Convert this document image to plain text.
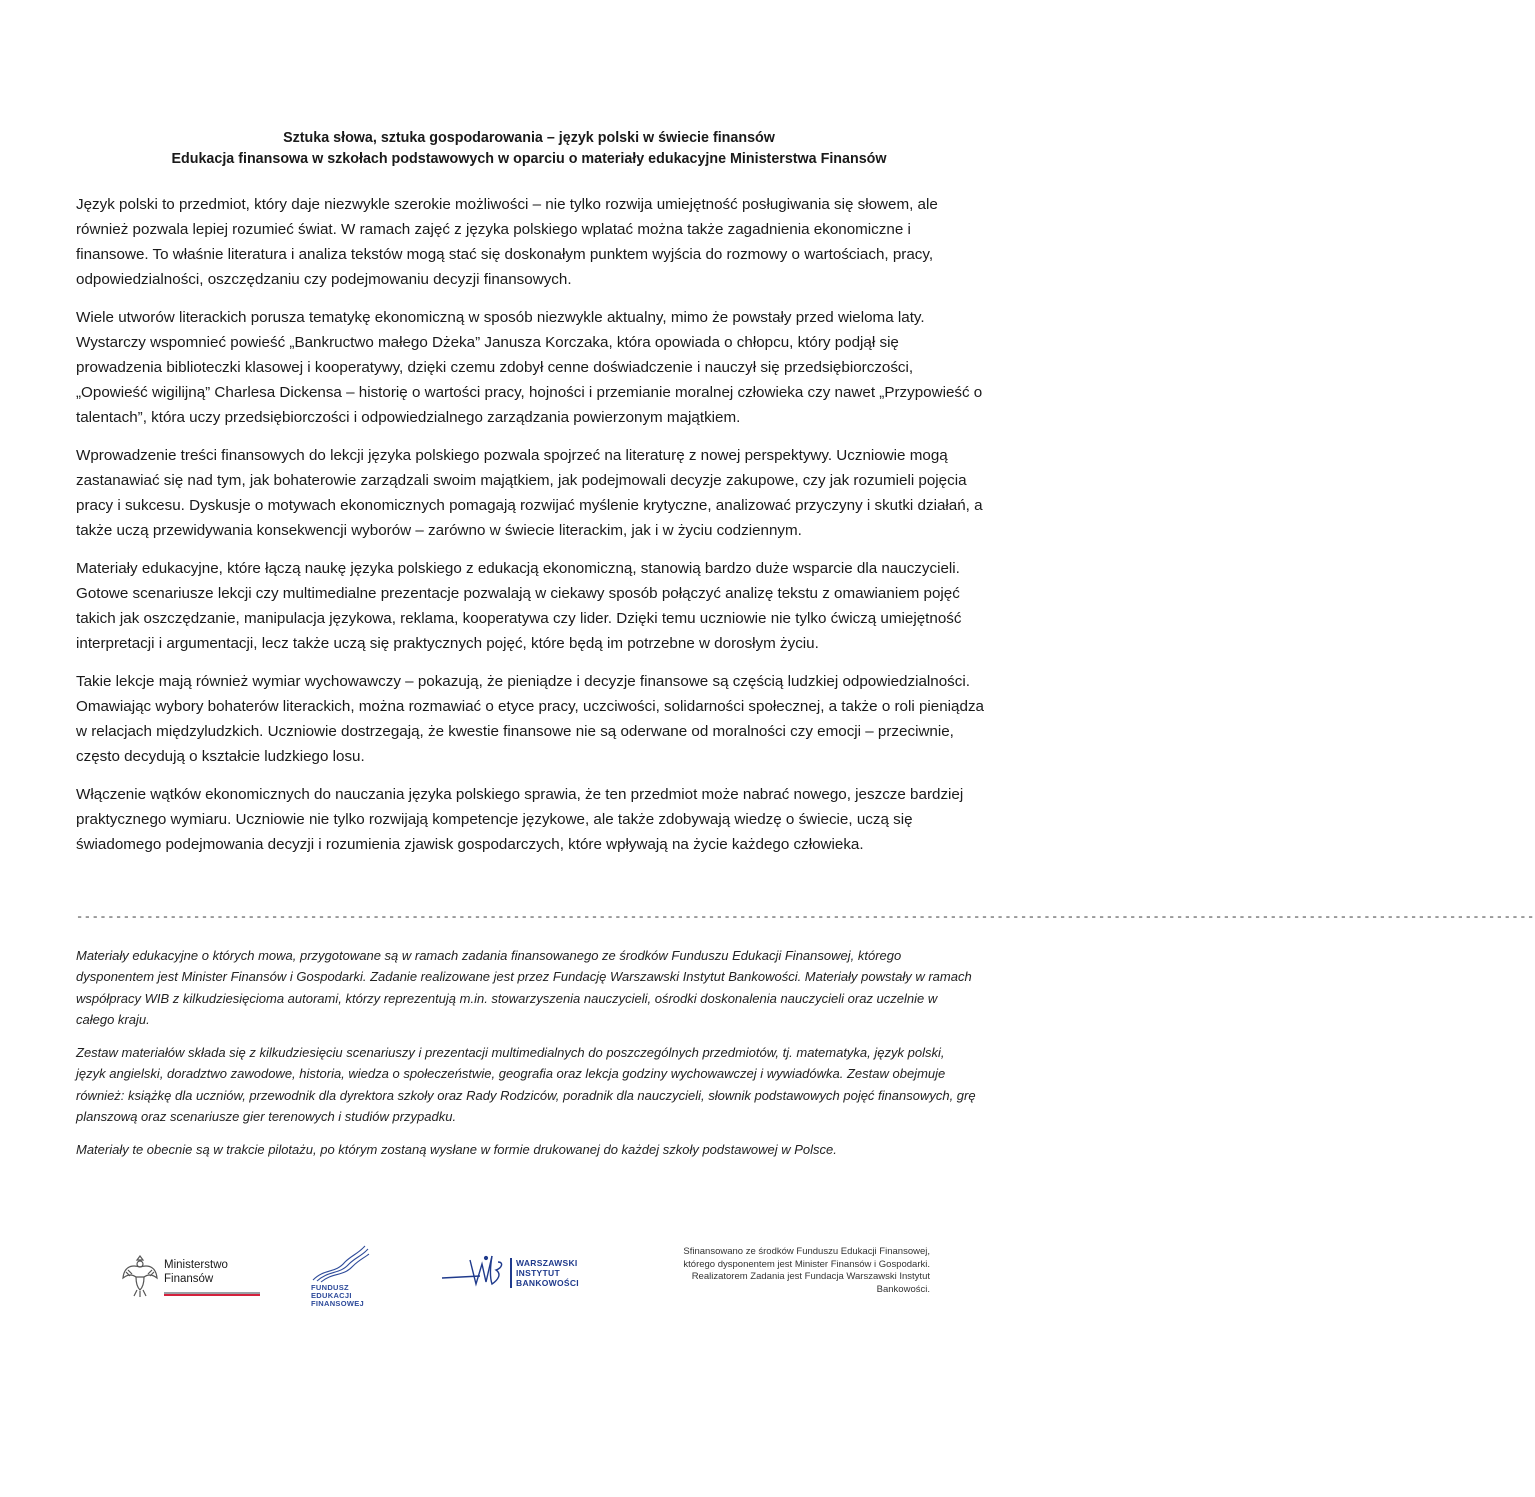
Sztuka słowa, sztuka gospodarowania – język polski w świecie finansów
Edukacja finansowa w szkołach podstawowych w oparciu o materiały edukacyjne Ministerstwa Finansów

Język polski to przedmiot, który daje niezwykle szerokie możliwości – nie tylko rozwija umiejętność posługiwania się słowem, ale również pozwala lepiej rozumieć świat. W ramach zajęć z języka polskiego wplatać można także zagadnienia ekonomiczne i finansowe. To właśnie literatura i analiza tekstów mogą stać się doskonałym punktem wyjścia do rozmowy o wartościach, pracy, odpowiedzialności, oszczędzaniu czy podejmowaniu decyzji finansowych.

Wiele utworów literackich porusza tematykę ekonomiczną w sposób niezwykle aktualny, mimo że powstały przed wieloma laty. Wystarczy wspomnieć powieść „Bankructwo małego Dżeka” Janusza Korczaka, która opowiada o chłopcu, który podjął się prowadzenia biblioteczki klasowej i kooperatywy, dzięki czemu zdobył cenne doświadczenie i nauczył się przedsiębiorczości, „Opowieść wigilijną” Charlesa Dickensa – historię o wartości pracy, hojności i przemianie moralnej człowieka czy nawet „Przypowieść o talentach”, która uczy przedsiębiorczości i odpowiedzialnego zarządzania powierzonym majątkiem.

Wprowadzenie treści finansowych do lekcji języka polskiego pozwala spojrzeć na literaturę z nowej perspektywy. Uczniowie mogą zastanawiać się nad tym, jak bohaterowie zarządzali swoim majątkiem, jak podejmowali decyzje zakupowe, czy jak rozumieli pojęcia pracy i sukcesu. Dyskusje o motywach ekonomicznych pomagają rozwijać myślenie krytyczne, analizować przyczyny i skutki działań, a także uczą przewidywania konsekwencji wyborów – zarówno w świecie literackim, jak i w życiu codziennym.

Materiały edukacyjne, które łączą naukę języka polskiego z edukacją ekonomiczną, stanowią bardzo duże wsparcie dla nauczycieli. Gotowe scenariusze lekcji czy multimedialne prezentacje pozwalają w ciekawy sposób połączyć analizę tekstu z omawianiem pojęć takich jak oszczędzanie, manipulacja językowa, reklama, kooperatywa czy lider. Dzięki temu uczniowie nie tylko ćwiczą umiejętność interpretacji i argumentacji, lecz także uczą się praktycznych pojęć, które będą im potrzebne w dorosłym życiu.

Takie lekcje mają również wymiar wychowawczy – pokazują, że pieniądze i decyzje finansowe są częścią ludzkiej odpowiedzialności. Omawiając wybory bohaterów literackich, można rozmawiać o etyce pracy, uczciwości, solidarności społecznej, a także o roli pieniądza w relacjach międzyludzkich. Uczniowie dostrzegają, że kwestie finansowe nie są oderwane od moralności czy emocji – przeciwnie, często decydują o kształcie ludzkiego losu.

Włączenie wątków ekonomicznych do nauczania języka polskiego sprawia, że ten przedmiot może nabrać nowego, jeszcze bardziej praktycznego wymiaru. Uczniowie nie tylko rozwijają kompetencje językowe, ale także zdobywają wiedzę o świecie, uczą się świadomego podejmowania decyzji i rozumienia zjawisk gospodarczych, które wpływają na życie każdego człowieka.

-------------------------------------------------------------------------------------------------------------------------------------------------------------------------------------------

Materiały edukacyjne o których mowa, przygotowane są w ramach zadania finansowanego ze środków Funduszu Edukacji Finansowej, którego dysponentem jest Minister Finansów i Gospodarki. Zadanie realizowane jest przez Fundację Warszawski Instytut Bankowości. Materiały powstały w ramach współpracy WIB z kilkudziesięcioma autorami, którzy reprezentują m.in. stowarzyszenia nauczycieli, ośrodki doskonalenia nauczycieli oraz uczelnie w całego kraju.

Zestaw materiałów składa się z kilkudziesięciu scenariuszy i prezentacji multimedialnych do poszczególnych przedmiotów, tj. matematyka, język polski, język angielski, doradztwo zawodowe, historia, wiedza o społeczeństwie, geografia oraz lekcja godziny wychowawczej i wywiadówka. Zestaw obejmuje również: książkę dla uczniów, przewodnik dla dyrektora szkoły oraz Rady Rodziców, poradnik dla nauczycieli, słownik podstawowych pojęć finansowych, grę planszową oraz scenariusze gier terenowych i studiów przypadku.

Materiały te obecnie są w trakcie pilotażu, po którym zostaną wysłane w formie drukowanej do każdej szkoły podstawowej w Polsce.

Ministerstwo
Finansów
FUNDUSZ
EDUKACJI
FINANSOWEJ
WARSZAWSKI
INSTYTUT
BANKOWOŚCI
Sfinansowano ze środków Funduszu Edukacji Finansowej, którego dysponentem jest Minister Finansów i Gospodarki. Realizatorem Zadania jest Fundacja Warszawski Instytut Bankowości.
